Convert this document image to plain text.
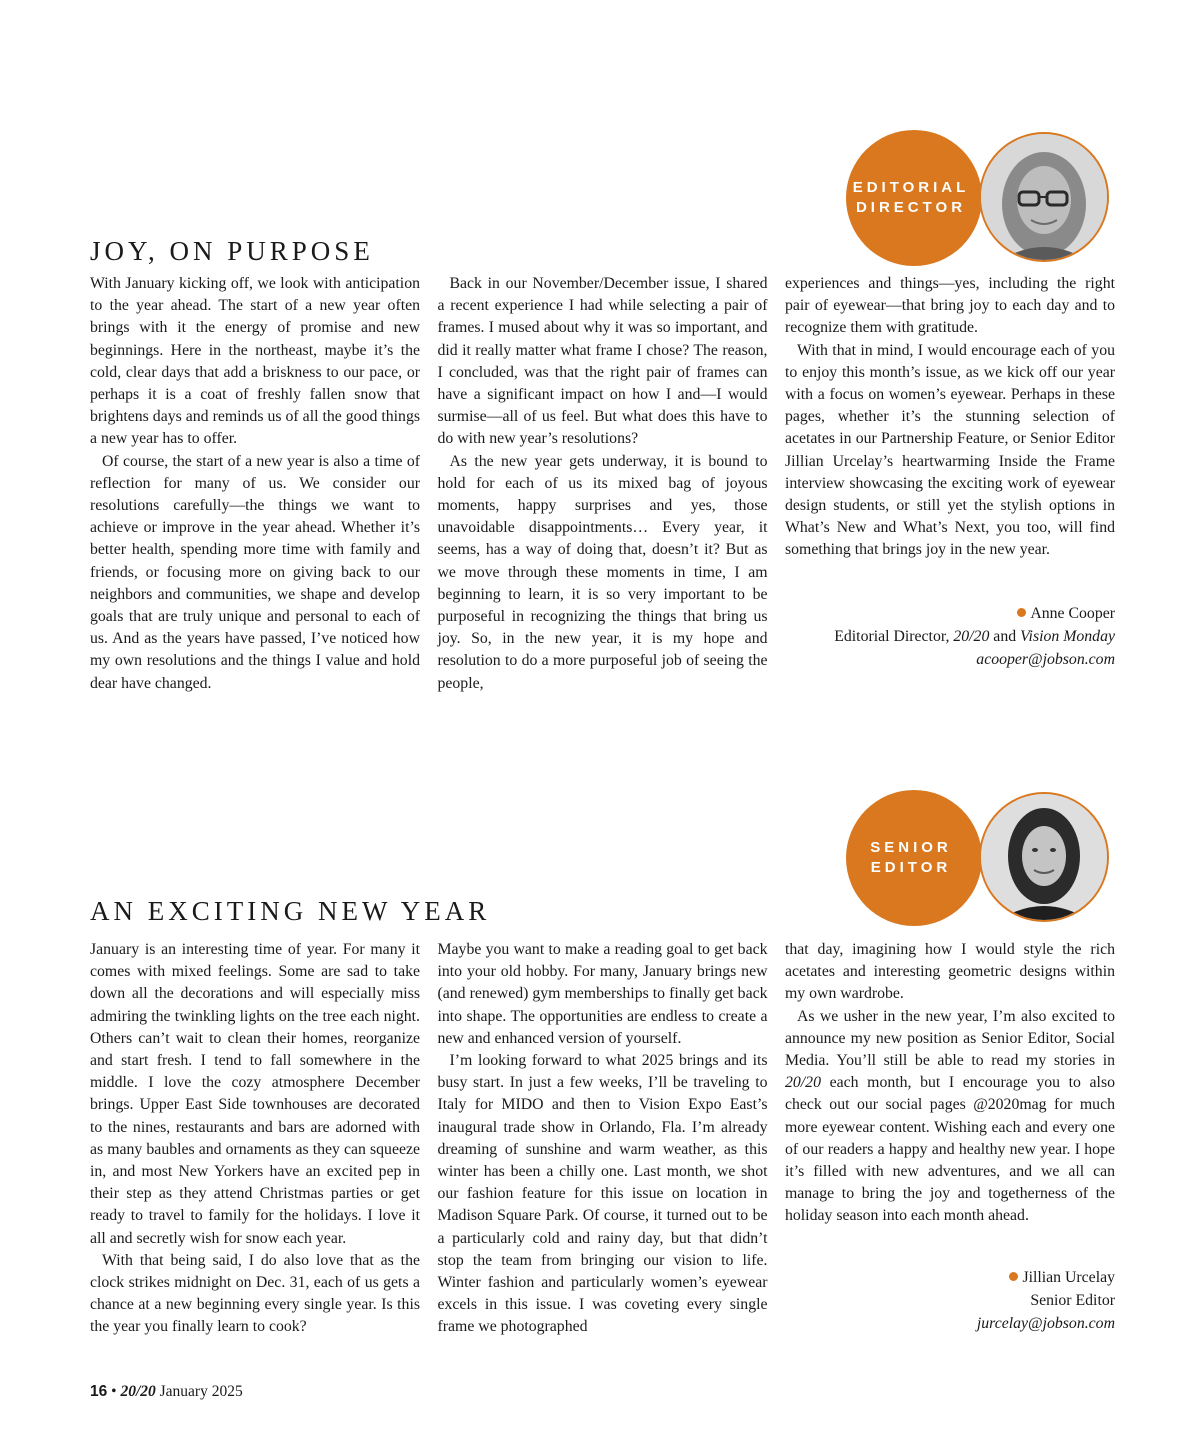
EDITORIAL
DIRECTOR
JOY, ON PURPOSE

With January kicking off, we look with anticipation to the year ahead. The start of a new year often brings with it the energy of promise and new beginnings. Here in the northeast, maybe it’s the cold, clear days that add a briskness to our pace, or perhaps it is a coat of freshly fallen snow that brightens days and reminds us of all the good things a new year has to offer.

Of course, the start of a new year is also a time of reflection for many of us. We consider our resolutions carefully—the things we want to achieve or improve in the year ahead. Whether it’s better health, spending more time with family and friends, or focusing more on giving back to our neighbors and communities, we shape and develop goals that are truly unique and personal to each of us. And as the years have passed, I’ve noticed how my own resolutions and the things I value and hold dear have changed.

Back in our November/December issue, I shared a recent experience I had while selecting a pair of frames. I mused about why it was so important, and did it really matter what frame I chose? The reason, I concluded, was that the right pair of frames can have a significant impact on how I and—I would surmise—all of us feel. But what does this have to do with new year’s resolutions?

As the new year gets underway, it is bound to hold for each of us its mixed bag of joyous moments, happy surprises and yes, those unavoidable disappointments… Every year, it seems, has a way of doing that, doesn’t it? But as we move through these moments in time, I am beginning to learn, it is so very important to be purposeful in recognizing the things that bring us joy. So, in the new year, it is my hope and resolution to do a more purposeful job of seeing the people,

experiences and things—yes, including the right pair of eyewear—that bring joy to each day and to recognize them with gratitude.

With that in mind, I would encourage each of you to enjoy this month’s issue, as we kick off our year with a focus on women’s eyewear. Perhaps in these pages, whether it’s the stunning selection of acetates in our Partnership Feature, or Senior Editor Jillian Urcelay’s heartwarming Inside the Frame interview showcasing the exciting work of eyewear design students, or still yet the stylish options in What’s New and What’s Next, you too, will find something that brings joy in the new year.

Anne Cooper
Editorial Director, 20/20 and Vision Monday
acooper@jobson.com
SENIOR
EDITOR
AN EXCITING NEW YEAR

January is an interesting time of year. For many it comes with mixed feelings. Some are sad to take down all the decorations and will especially miss admiring the twinkling lights on the tree each night. Others can’t wait to clean their homes, reorganize and start fresh. I tend to fall somewhere in the middle. I love the cozy atmosphere December brings. Upper East Side townhouses are decorated to the nines, restaurants and bars are adorned with as many baubles and ornaments as they can squeeze in, and most New Yorkers have an excited pep in their step as they attend Christmas parties or get ready to travel to family for the holidays. I love it all and secretly wish for snow each year.

With that being said, I do also love that as the clock strikes midnight on Dec. 31, each of us gets a chance at a new beginning every single year. Is this the year you finally learn to cook?

Maybe you want to make a reading goal to get back into your old hobby. For many, January brings new (and renewed) gym memberships to finally get back into shape. The opportunities are endless to create a new and enhanced version of yourself.

I’m looking forward to what 2025 brings and its busy start. In just a few weeks, I’ll be traveling to Italy for MIDO and then to Vision Expo East’s inaugural trade show in Orlando, Fla. I’m already dreaming of sunshine and warm weather, as this winter has been a chilly one. Last month, we shot our fashion feature for this issue on location in Madison Square Park. Of course, it turned out to be a particularly cold and rainy day, but that didn’t stop the team from bringing our vision to life. Winter fashion and particularly women’s eyewear excels in this issue. I was coveting every single frame we photographed

that day, imagining how I would style the rich acetates and interesting geometric designs within my own wardrobe.

As we usher in the new year, I’m also excited to announce my new position as Senior Editor, Social Media. You’ll still be able to read my stories in 20/20 each month, but I encourage you to also check out our social pages @2020mag for much more eyewear content. Wishing each and every one of our readers a happy and healthy new year. I hope it’s filled with new adventures, and we all can manage to bring the joy and togetherness of the holiday season into each month ahead.

Jillian Urcelay
Senior Editor
jurcelay@jobson.com
16 • 20/20 January 2025
